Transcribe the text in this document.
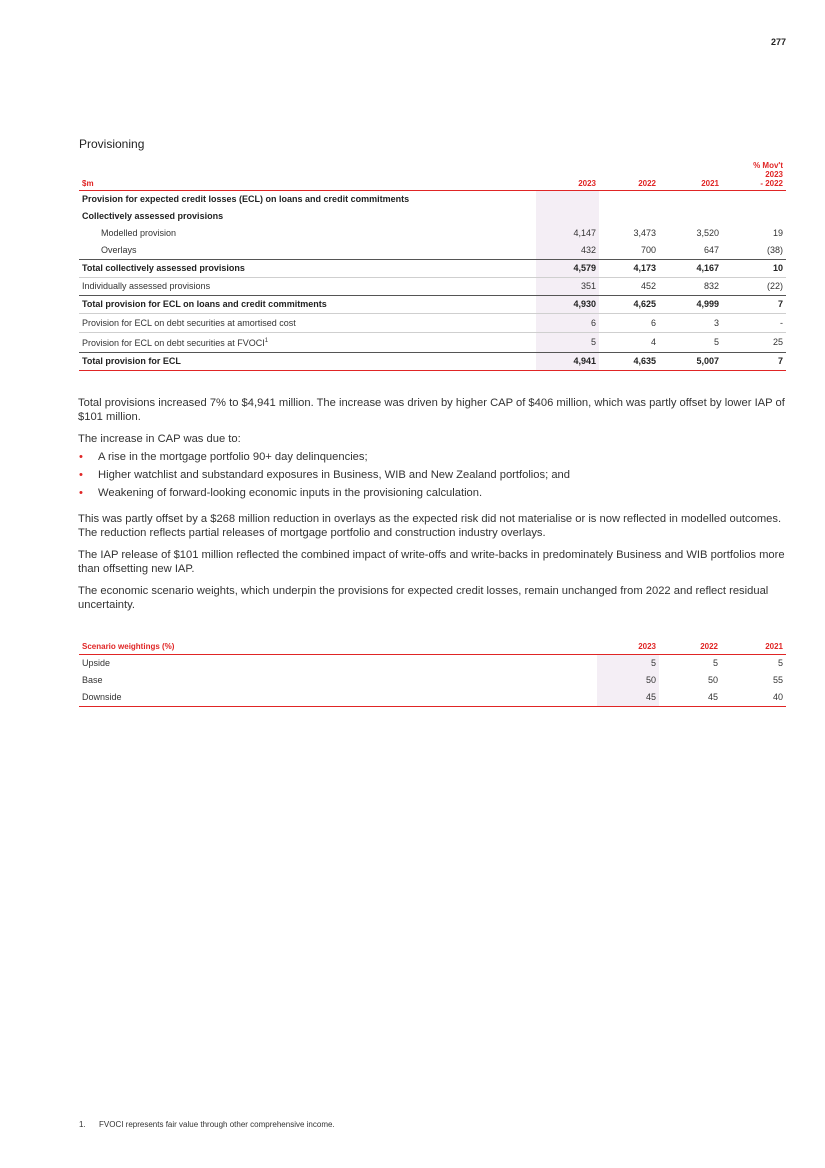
277
Provisioning
$m	2023	2022	2021	% Mov't
2023
- 2022

Provision for expected credit losses (ECL) on loans and credit commitments				
Collectively assessed provisions				
Modelled provision	4,147	3,473	3,520	19
Overlays	432	700	647	(38)
Total collectively assessed provisions	4,579	4,173	4,167	10
Individually assessed provisions	351	452	832	(22)
Total provision for ECL on loans and credit commitments	4,930	4,625	4,999	7
Provision for ECL on debt securities at amortised cost	6	6	3	-
Provision for ECL on debt securities at FVOCI$^1$	5	4	5	25
Total provision for ECL	4,941	4,635	5,007	7

Total provisions increased 7% to $4,941 million. The increase was driven by higher CAP of $406 million, which was partly offset by lower IAP of $101 million.

The increase in CAP was due to:

• A rise in the mortgage portfolio 90+ day delinquencies;
• Higher watchlist and substandard exposures in Business, WIB and New Zealand portfolios; and
• Weakening of forward-looking economic inputs in the provisioning calculation.

This was partly offset by a $268 million reduction in overlays as the expected risk did not materialise or is now reflected in modelled outcomes. The reduction reflects partial releases of mortgage portfolio and construction industry overlays.

The IAP release of $101 million reflected the combined impact of write-offs and write-backs in predominately Business and WIB portfolios more than offsetting new IAP.

The economic scenario weights, which underpin the provisions for expected credit losses, remain unchanged from 2022 and reflect residual uncertainty.

Scenario weightings (%)	2023	2022	2021
Upside	5	5	5
Base	50	50	55
Downside	45	45	40
1. FVOCI represents fair value through other comprehensive income.
